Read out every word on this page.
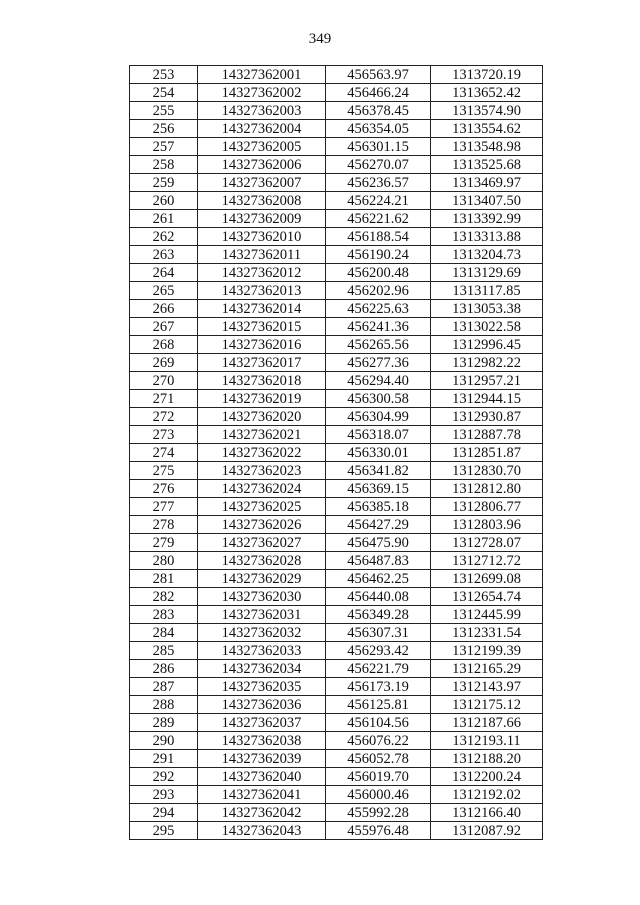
349
253	14327362001	456563.97	1313720.19
254	14327362002	456466.24	1313652.42
255	14327362003	456378.45	1313574.90
256	14327362004	456354.05	1313554.62
257	14327362005	456301.15	1313548.98
258	14327362006	456270.07	1313525.68
259	14327362007	456236.57	1313469.97
260	14327362008	456224.21	1313407.50
261	14327362009	456221.62	1313392.99
262	14327362010	456188.54	1313313.88
263	14327362011	456190.24	1313204.73
264	14327362012	456200.48	1313129.69
265	14327362013	456202.96	1313117.85
266	14327362014	456225.63	1313053.38
267	14327362015	456241.36	1313022.58
268	14327362016	456265.56	1312996.45
269	14327362017	456277.36	1312982.22
270	14327362018	456294.40	1312957.21
271	14327362019	456300.58	1312944.15
272	14327362020	456304.99	1312930.87
273	14327362021	456318.07	1312887.78
274	14327362022	456330.01	1312851.87
275	14327362023	456341.82	1312830.70
276	14327362024	456369.15	1312812.80
277	14327362025	456385.18	1312806.77
278	14327362026	456427.29	1312803.96
279	14327362027	456475.90	1312728.07
280	14327362028	456487.83	1312712.72
281	14327362029	456462.25	1312699.08
282	14327362030	456440.08	1312654.74
283	14327362031	456349.28	1312445.99
284	14327362032	456307.31	1312331.54
285	14327362033	456293.42	1312199.39
286	14327362034	456221.79	1312165.29
287	14327362035	456173.19	1312143.97
288	14327362036	456125.81	1312175.12
289	14327362037	456104.56	1312187.66
290	14327362038	456076.22	1312193.11
291	14327362039	456052.78	1312188.20
292	14327362040	456019.70	1312200.24
293	14327362041	456000.46	1312192.02
294	14327362042	455992.28	1312166.40
295	14327362043	455976.48	1312087.92
